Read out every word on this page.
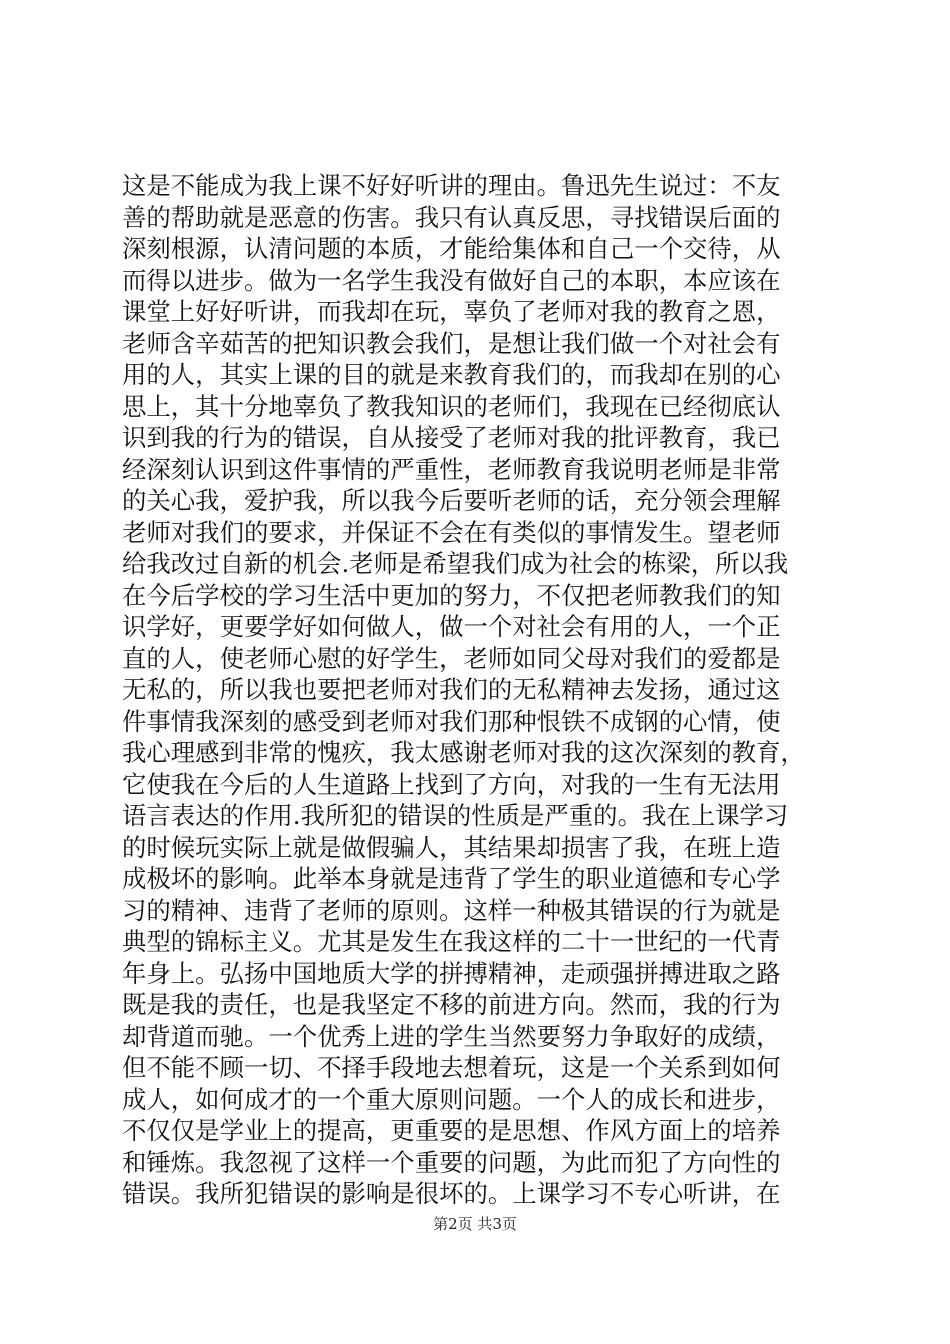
这是不能成为我上课不好好听讲的理由。鲁迅先生说过：不友
善的帮助就是恶意的伤害。我只有认真反思，寻找错误后面的
深刻根源，认清问题的本质，才能给集体和自己一个交待，从
而得以进步。做为一名学生我没有做好自己的本职，本应该在
课堂上好好听讲，而我却在玩，辜负了老师对我的教育之恩，
老师含辛茹苦的把知识教会我们，是想让我们做一个对社会有
用的人，其实上课的目的就是来教育我们的，而我却在别的心
思上，其十分地辜负了教我知识的老师们，我现在已经彻底认
识到我的行为的错误，自从接受了老师对我的批评教育，我已
经深刻认识到这件事情的严重性，老师教育我说明老师是非常
的关心我，爱护我，所以我今后要听老师的话，充分领会理解
老师对我们的要求，并保证不会在有类似的事情发生。望老师
给我改过自新的机会.老师是希望我们成为社会的栋梁，所以我
在今后学校的学习生活中更加的努力，不仅把老师教我们的知
识学好，更要学好如何做人，做一个对社会有用的人，一个正
直的人，使老师心慰的好学生，老师如同父母对我们的爱都是
无私的，所以我也要把老师对我们的无私精神去发扬，通过这
件事情我深刻的感受到老师对我们那种恨铁不成钢的心情，使
我心理感到非常的愧疚，我太感谢老师对我的这次深刻的教育，
它使我在今后的人生道路上找到了方向，对我的一生有无法用
语言表达的作用.我所犯的错误的性质是严重的。我在上课学习
的时候玩实际上就是做假骗人，其结果却损害了我，在班上造
成极坏的影响。此举本身就是违背了学生的职业道德和专心学
习的精神、违背了老师的原则。这样一种极其错误的行为就是
典型的锦标主义。尤其是发生在我这样的二十一世纪的一代青
年身上。弘扬中国地质大学的拼搏精神，走顽强拼搏进取之路
既是我的责任，也是我坚定不移的前进方向。然而，我的行为
却背道而驰。一个优秀上进的学生当然要努力争取好的成绩，
但不能不顾一切、不择手段地去想着玩，这是一个关系到如何
成人，如何成才的一个重大原则问题。一个人的成长和进步，
不仅仅是学业上的提高，更重要的是思想、作风方面上的培养
和锤炼。我忽视了这样一个重要的问题，为此而犯了方向性的
错误。我所犯错误的影响是很坏的。上课学习不专心听讲，在
第2页 共3页
